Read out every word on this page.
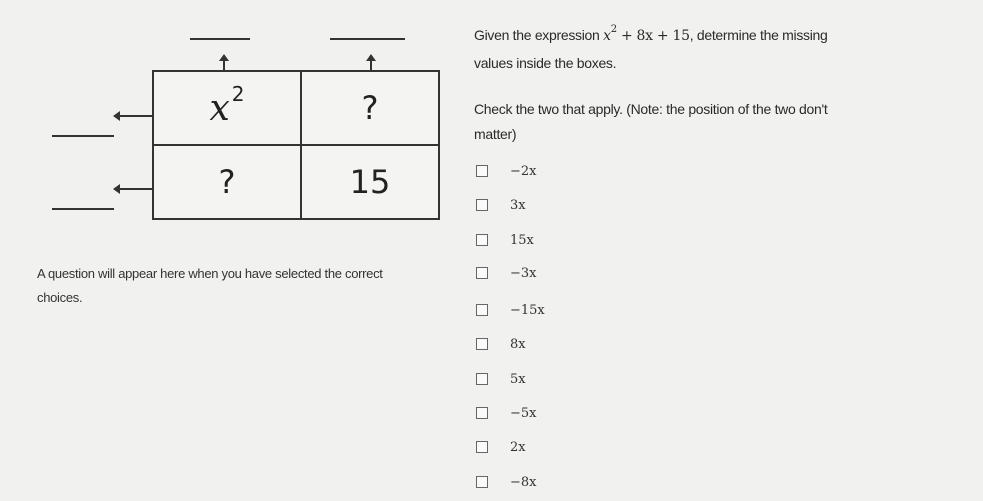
x 2	?
?	15
Given the expression $x^2 + 8x + 15$, determine the missing
values inside the boxes.
Check the two that apply. (Note: the position of the two don't
matter)
−2x
3x
15x
−3x
−15x
8x
5x
−5x
2x
−8x
A question will appear here when you have selected the correct
choices.
